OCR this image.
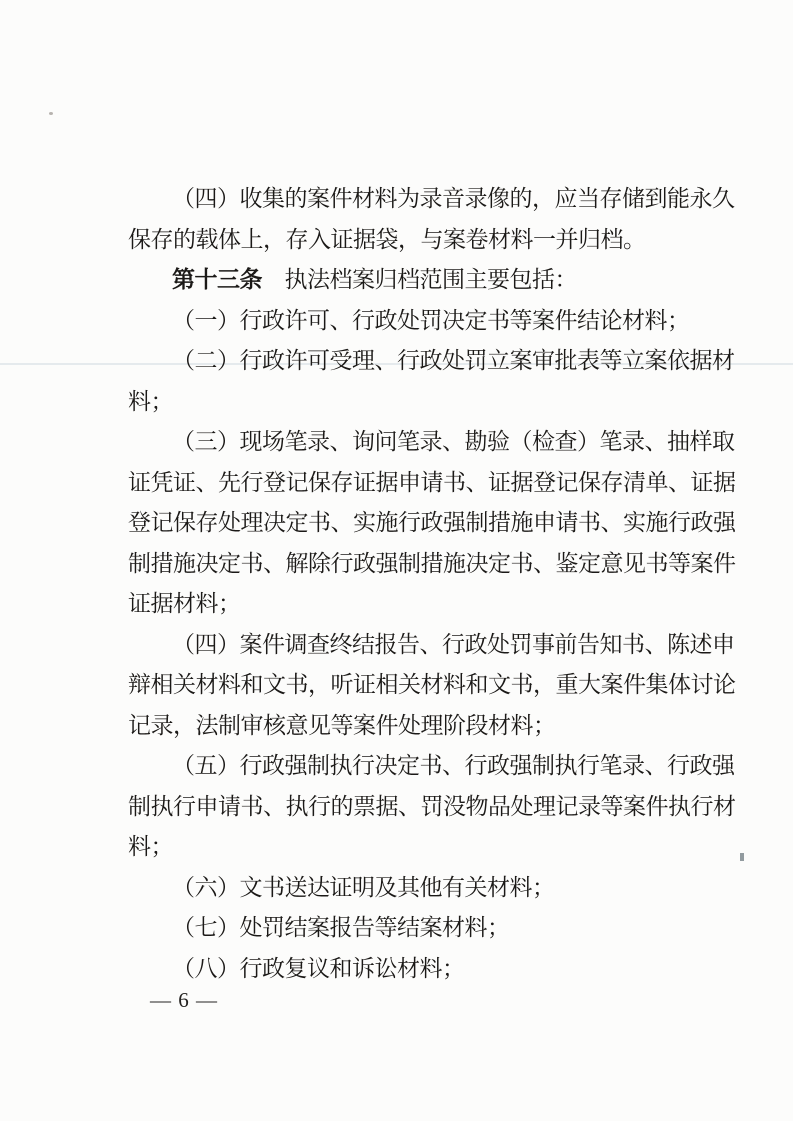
（四）收集的案件材料为录音录像的，应当存储到能永久
保存的载体上，存入证据袋，与案卷材料一并归档。
第十三条　执法档案归档范围主要包括：
（一）行政许可、行政处罚决定书等案件结论材料；
（二）行政许可受理、行政处罚立案审批表等立案依据材
料；
（三）现场笔录、询问笔录、勘验（检查）笔录、抽样取
证凭证、先行登记保存证据申请书、证据登记保存清单、证据
登记保存处理决定书、实施行政强制措施申请书、实施行政强
制措施决定书、解除行政强制措施决定书、鉴定意见书等案件
证据材料；
（四）案件调查终结报告、行政处罚事前告知书、陈述申
辩相关材料和文书，听证相关材料和文书，重大案件集体讨论
记录，法制审核意见等案件处理阶段材料；
（五）行政强制执行决定书、行政强制执行笔录、行政强
制执行申请书、执行的票据、罚没物品处理记录等案件执行材
料；
（六）文书送达证明及其他有关材料；
（七）处罚结案报告等结案材料；
（八）行政复议和诉讼材料；
— 6 —
